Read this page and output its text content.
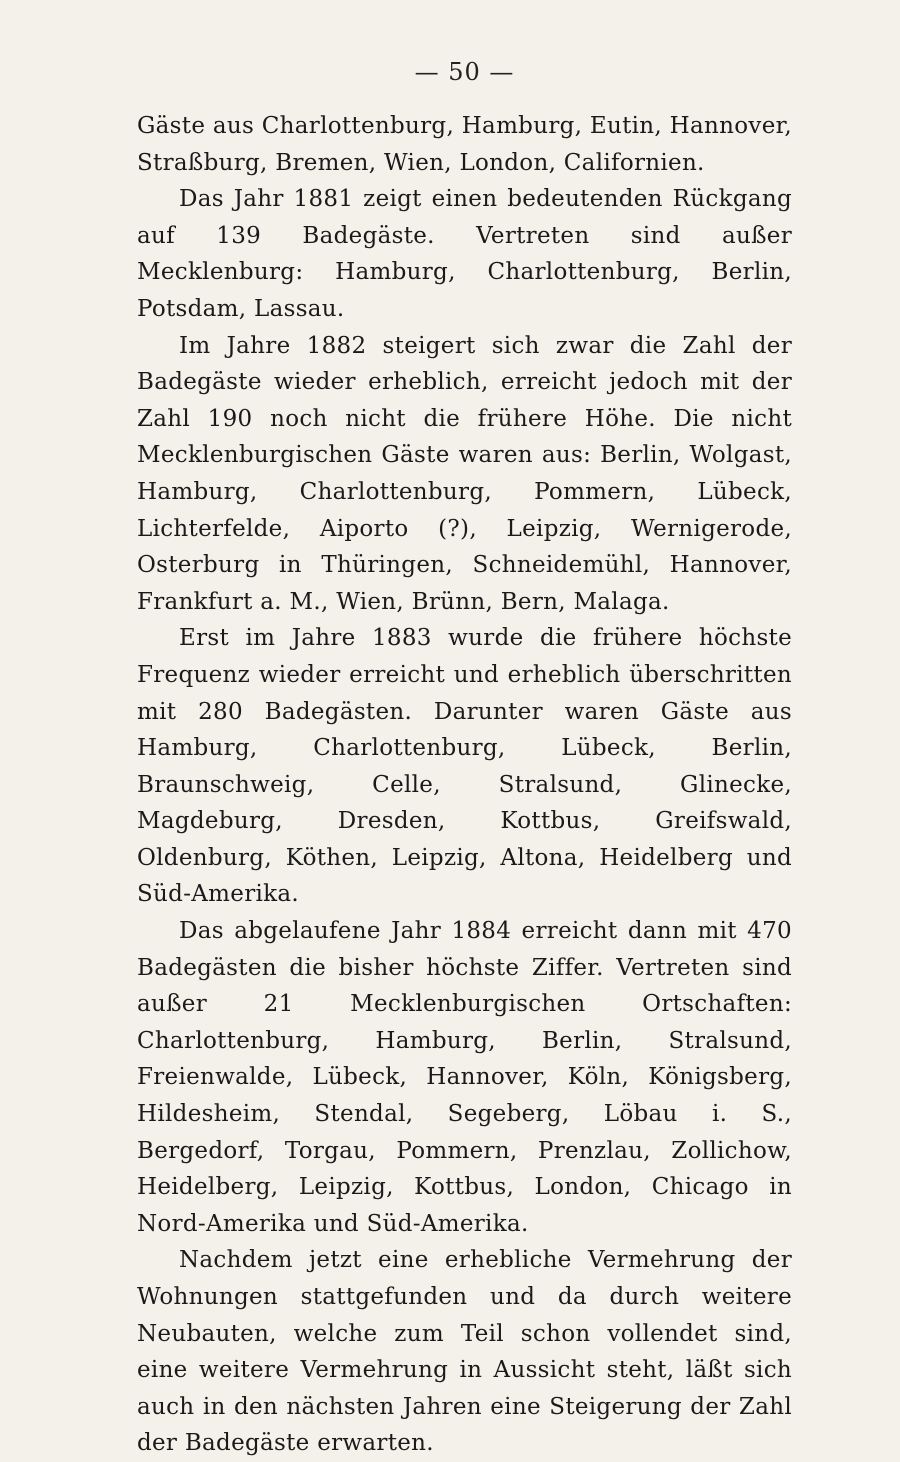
— 50 —

Gäste aus Charlottenburg, Hamburg, Eutin, Hannover, Straßburg, Bremen, Wien, London, Californien.

Das Jahr 1881 zeigt einen bedeutenden Rückgang auf 139 Badegäste. Vertreten sind außer Mecklenburg: Hamburg, Charlottenburg, Berlin, Potsdam, Lassau.

Im Jahre 1882 steigert sich zwar die Zahl der Badegäste wieder erheblich, erreicht jedoch mit der Zahl 190 noch nicht die frühere Höhe. Die nicht Mecklenburgischen Gäste waren aus: Berlin, Wolgast, Hamburg, Charlottenburg, Pommern, Lübeck, Lichterfelde, Aiporto (?), Leipzig, Wernigerode, Osterburg in Thüringen, Schneidemühl, Hannover, Frankfurt a. M., Wien, Brünn, Bern, Malaga.

Erst im Jahre 1883 wurde die frühere höchste Frequenz wieder erreicht und erheblich überschritten mit 280 Badegästen. Darunter waren Gäste aus Hamburg, Charlottenburg, Lübeck, Berlin, Braunschweig, Celle, Stralsund, Glinecke, Magdeburg, Dresden, Kottbus, Greifswald, Oldenburg, Köthen, Leipzig, Altona, Heidelberg und Süd-Amerika.

Das abgelaufene Jahr 1884 erreicht dann mit 470 Badegästen die bisher höchste Ziffer. Vertreten sind außer 21 Mecklenburgischen Ortschaften: Charlottenburg, Hamburg, Berlin, Stralsund, Freienwalde, Lübeck, Hannover, Köln, Königsberg, Hildesheim, Stendal, Segeberg, Löbau i. S., Bergedorf, Torgau, Pommern, Prenzlau, Zollichow, Heidelberg, Leipzig, Kottbus, London, Chicago in Nord-Amerika und Süd-Amerika.

Nachdem jetzt eine erhebliche Vermehrung der Wohnungen stattgefunden und da durch weitere Neubauten, welche zum Teil schon vollendet sind, eine weitere Vermehrung in Aussicht steht, läßt sich auch in den nächsten Jahren eine Steigerung der Zahl der Badegäste erwarten.
